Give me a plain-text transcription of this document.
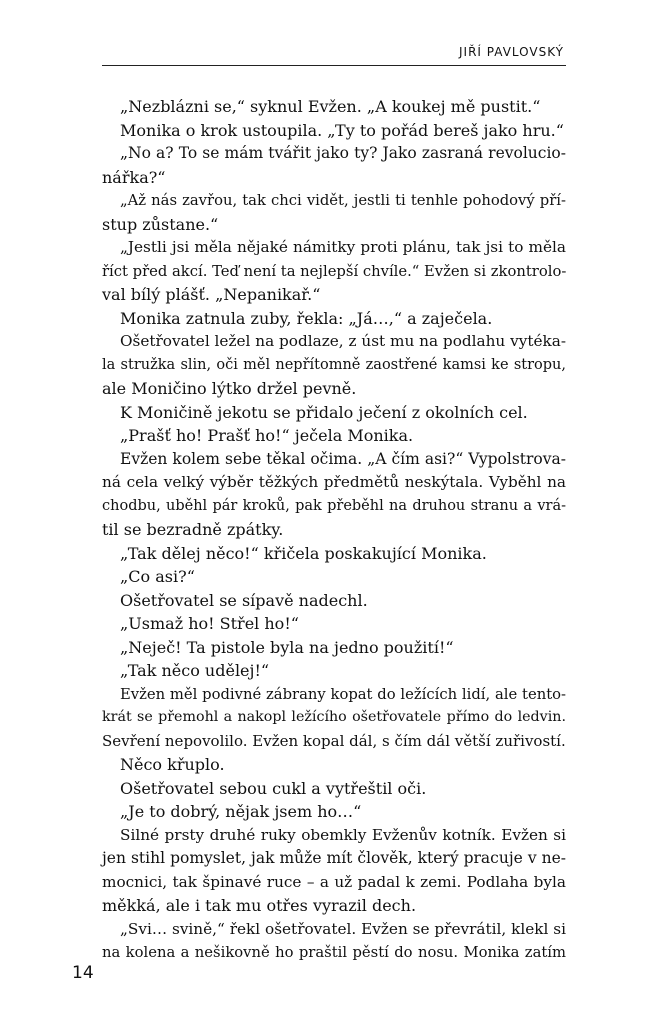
JIŘÍ PAVLOVSKÝ
„Nezblázni se,“ syknul Evžen. „A koukej mě pustit.“
Monika o krok ustoupila. „Ty to pořád bereš jako hru.“
„No a? To se mám tvářit jako ty? Jako zasraná revolucio-
nářka?“
„Až nás zavřou, tak chci vidět, jestli ti tenhle pohodový pří-
stup zůstane.“
„Jestli jsi měla nějaké námitky proti plánu, tak jsi to měla
říct před akcí. Teď není ta nejlepší chvíle.“ Evžen si zkontrolo-
val bílý plášť. „Nepanikař.“
Monika zatnula zuby, řekla: „Já…,“ a zaječela.
Ošetřovatel ležel na podlaze, z úst mu na podlahu vytéka-
la stružka slin, oči měl nepřítomně zaostřené kamsi ke stropu,
ale Moničino lýtko držel pevně.
K Moničině jekotu se přidalo ječení z okolních cel.
„Prašť ho! Prašť ho!“ ječela Monika.
Evžen kolem sebe těkal očima. „A čím asi?“ Vypolstrova-
ná cela velký výběr těžkých předmětů neskýtala. Vyběhl na
chodbu, uběhl pár kroků, pak přeběhl na druhou stranu a vrá-
til se bezradně zpátky.
„Tak dělej něco!“ křičela poskakující Monika.
„Co asi?“
Ošetřovatel se sípavě nadechl.
„Usmaž ho! Střel ho!“
„Neječ! Ta pistole byla na jedno použití!“
„Tak něco udělej!“
Evžen měl podivné zábrany kopat do ležících lidí, ale tento-
krát se přemohl a nakopl ležícího ošetřovatele přímo do ledvin.
Sevření nepovolilo. Evžen kopal dál, s čím dál větší zuřivostí.
Něco křuplo.
Ošetřovatel sebou cukl a vytřeštil oči.
„Je to dobrý, nějak jsem ho…“
Silné prsty druhé ruky obemkly Evženův kotník. Evžen si
jen stihl pomyslet, jak může mít člověk, který pracuje v ne-
mocnici, tak špinavé ruce – a už padal k zemi. Podlaha byla
měkká, ale i tak mu otřes vyrazil dech.
„Svi… svině,“ řekl ošetřovatel. Evžen se převrátil, klekl si
na kolena a nešikovně ho praštil pěstí do nosu. Monika zatím
14
